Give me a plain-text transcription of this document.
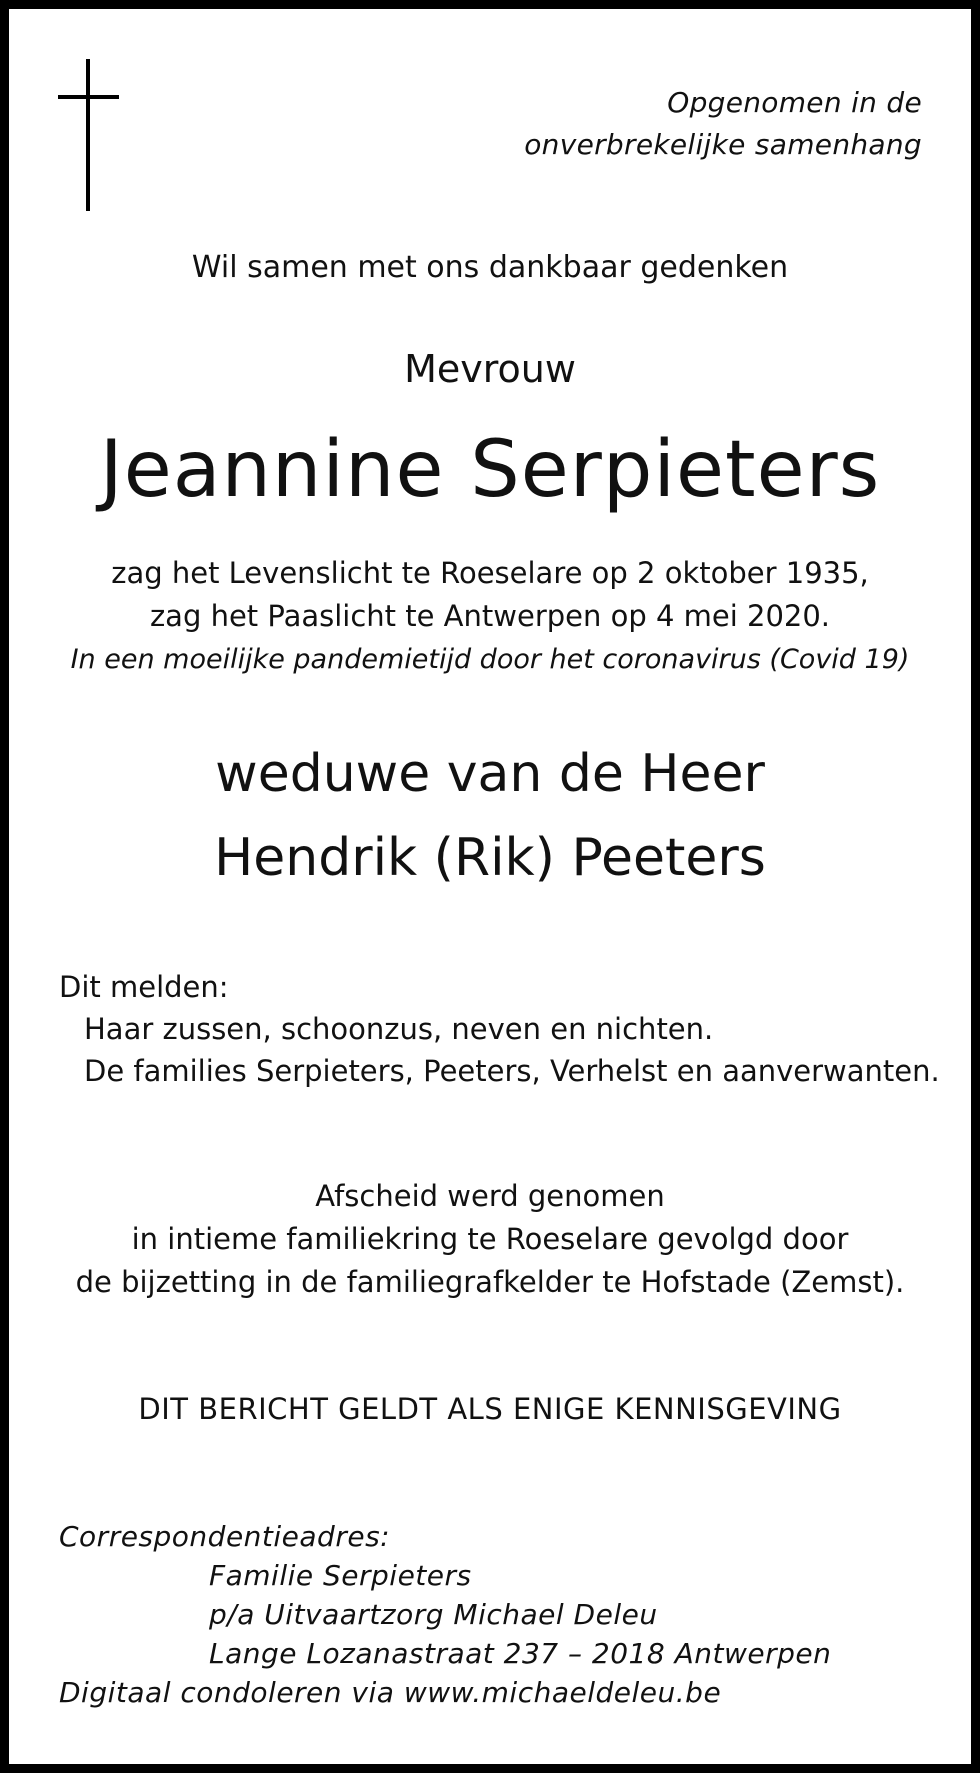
Opgenomen in de
onverbrekelijke samenhang
Wil samen met ons dankbaar gedenken
Mevrouw
Jeannine Serpieters
zag het Levenslicht te Roeselare op 2 oktober 1935,
zag het Paaslicht te Antwerpen op 4 mei 2020.
In een moeilijke pandemietijd door het coronavirus (Covid 19)
weduwe van de Heer
Hendrik (Rik) Peeters
Dit melden:
Haar zussen, schoonzus, neven en nichten.
De families Serpieters, Peeters, Verhelst en aanverwanten.
Afscheid werd genomen
in intieme familiekring te Roeselare gevolgd door
de bijzetting in de familiegrafkelder te Hofstade (Zemst).
DIT BERICHT GELDT ALS ENIGE KENNISGEVING
Correspondentieadres:
Familie Serpieters
p/a Uitvaartzorg Michael Deleu
Lange Lozanastraat 237 – 2018 Antwerpen
Digitaal condoleren via www.michaeldeleu.be
